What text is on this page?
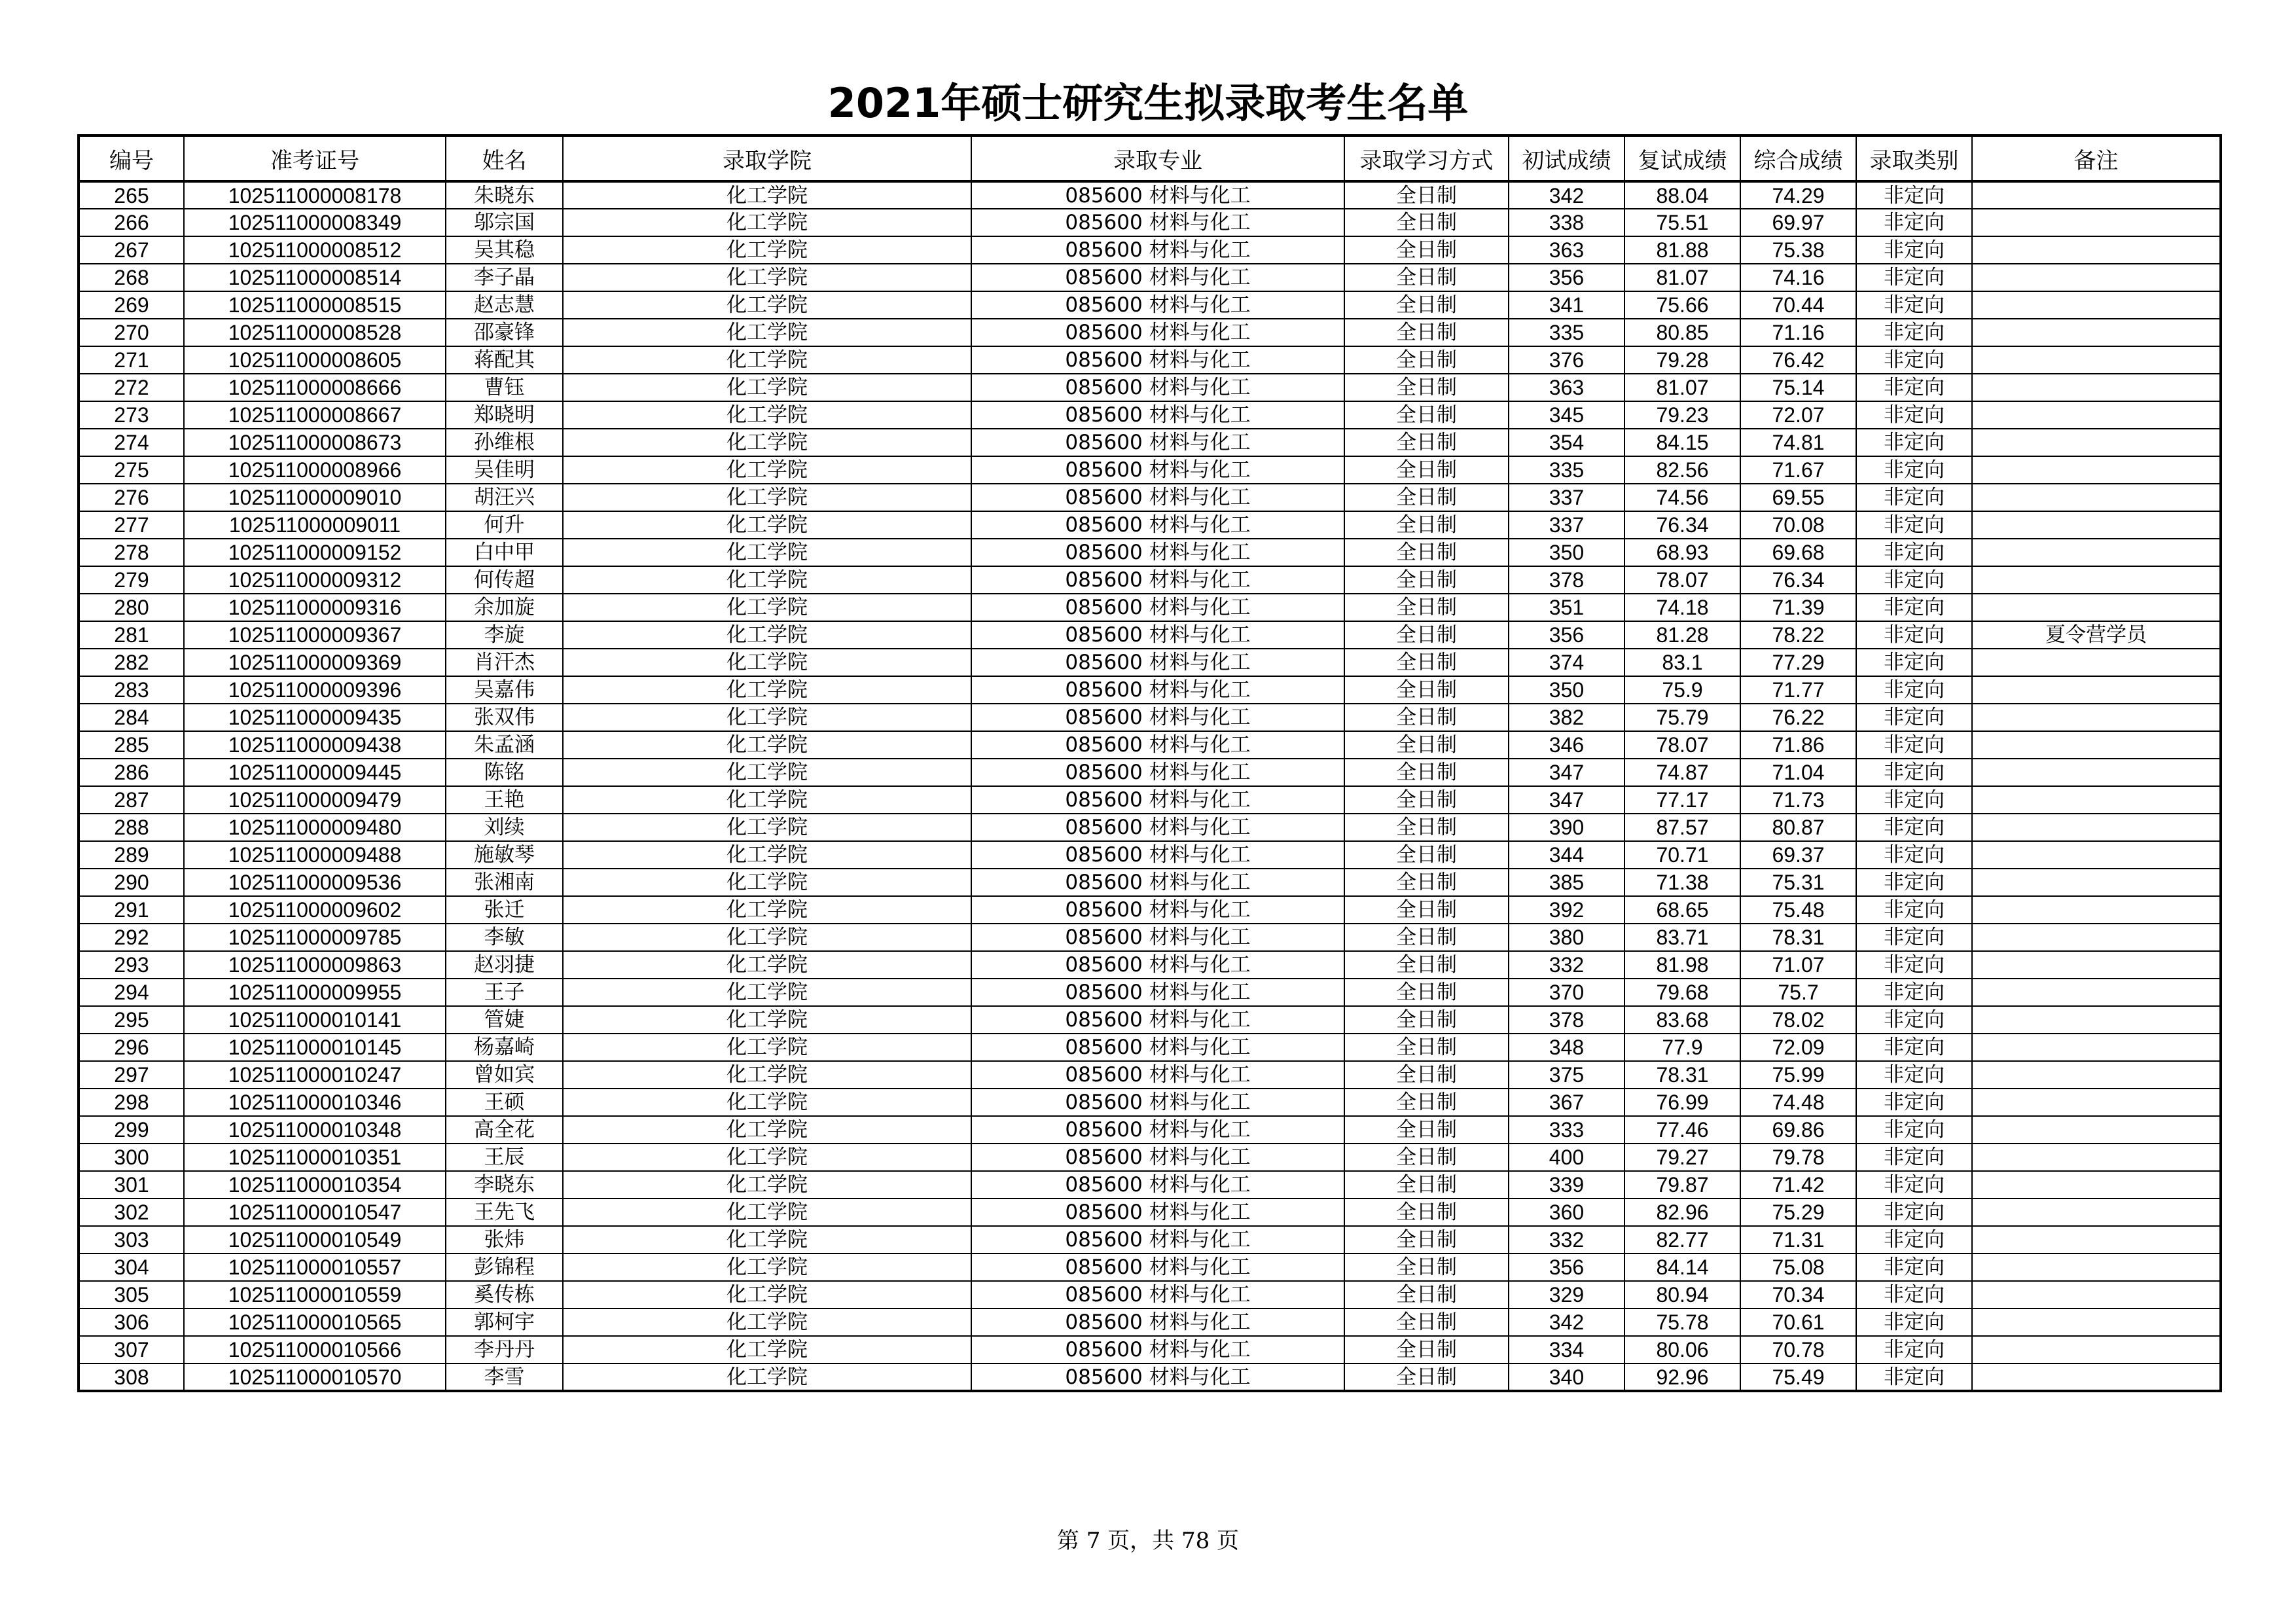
2021年硕士研究生拟录取考生名单
编号	准考证号	姓名	录取学院	录取专业	录取学习方式	初试成绩	复试成绩	综合成绩	录取类别	备注
265	102511000008178	朱晓东	化工学院	085600 材料与化工	全日制	342	88.04	74.29	非定向	
266	102511000008349	邬宗国	化工学院	085600 材料与化工	全日制	338	75.51	69.97	非定向	
267	102511000008512	吴其稳	化工学院	085600 材料与化工	全日制	363	81.88	75.38	非定向	
268	102511000008514	李子晶	化工学院	085600 材料与化工	全日制	356	81.07	74.16	非定向	
269	102511000008515	赵志慧	化工学院	085600 材料与化工	全日制	341	75.66	70.44	非定向	
270	102511000008528	邵豪锋	化工学院	085600 材料与化工	全日制	335	80.85	71.16	非定向	
271	102511000008605	蒋配其	化工学院	085600 材料与化工	全日制	376	79.28	76.42	非定向	
272	102511000008666	曹钰	化工学院	085600 材料与化工	全日制	363	81.07	75.14	非定向	
273	102511000008667	郑晓明	化工学院	085600 材料与化工	全日制	345	79.23	72.07	非定向	
274	102511000008673	孙维根	化工学院	085600 材料与化工	全日制	354	84.15	74.81	非定向	
275	102511000008966	吴佳明	化工学院	085600 材料与化工	全日制	335	82.56	71.67	非定向	
276	102511000009010	胡汪兴	化工学院	085600 材料与化工	全日制	337	74.56	69.55	非定向	
277	102511000009011	何升	化工学院	085600 材料与化工	全日制	337	76.34	70.08	非定向	
278	102511000009152	白中甲	化工学院	085600 材料与化工	全日制	350	68.93	69.68	非定向	
279	102511000009312	何传超	化工学院	085600 材料与化工	全日制	378	78.07	76.34	非定向	
280	102511000009316	余加旋	化工学院	085600 材料与化工	全日制	351	74.18	71.39	非定向	
281	102511000009367	李旋	化工学院	085600 材料与化工	全日制	356	81.28	78.22	非定向	夏令营学员
282	102511000009369	肖汗杰	化工学院	085600 材料与化工	全日制	374	83.1	77.29	非定向	
283	102511000009396	吴嘉伟	化工学院	085600 材料与化工	全日制	350	75.9	71.77	非定向	
284	102511000009435	张双伟	化工学院	085600 材料与化工	全日制	382	75.79	76.22	非定向	
285	102511000009438	朱孟涵	化工学院	085600 材料与化工	全日制	346	78.07	71.86	非定向	
286	102511000009445	陈铭	化工学院	085600 材料与化工	全日制	347	74.87	71.04	非定向	
287	102511000009479	王艳	化工学院	085600 材料与化工	全日制	347	77.17	71.73	非定向	
288	102511000009480	刘续	化工学院	085600 材料与化工	全日制	390	87.57	80.87	非定向	
289	102511000009488	施敏琴	化工学院	085600 材料与化工	全日制	344	70.71	69.37	非定向	
290	102511000009536	张湘南	化工学院	085600 材料与化工	全日制	385	71.38	75.31	非定向	
291	102511000009602	张迁	化工学院	085600 材料与化工	全日制	392	68.65	75.48	非定向	
292	102511000009785	李敏	化工学院	085600 材料与化工	全日制	380	83.71	78.31	非定向	
293	102511000009863	赵羽捷	化工学院	085600 材料与化工	全日制	332	81.98	71.07	非定向	
294	102511000009955	王子	化工学院	085600 材料与化工	全日制	370	79.68	75.7	非定向	
295	102511000010141	管婕	化工学院	085600 材料与化工	全日制	378	83.68	78.02	非定向	
296	102511000010145	杨嘉崎	化工学院	085600 材料与化工	全日制	348	77.9	72.09	非定向	
297	102511000010247	曾如宾	化工学院	085600 材料与化工	全日制	375	78.31	75.99	非定向	
298	102511000010346	王硕	化工学院	085600 材料与化工	全日制	367	76.99	74.48	非定向	
299	102511000010348	高全花	化工学院	085600 材料与化工	全日制	333	77.46	69.86	非定向	
300	102511000010351	王辰	化工学院	085600 材料与化工	全日制	400	79.27	79.78	非定向	
301	102511000010354	李晓东	化工学院	085600 材料与化工	全日制	339	79.87	71.42	非定向	
302	102511000010547	王先飞	化工学院	085600 材料与化工	全日制	360	82.96	75.29	非定向	
303	102511000010549	张炜	化工学院	085600 材料与化工	全日制	332	82.77	71.31	非定向	
304	102511000010557	彭锦程	化工学院	085600 材料与化工	全日制	356	84.14	75.08	非定向	
305	102511000010559	奚传栋	化工学院	085600 材料与化工	全日制	329	80.94	70.34	非定向	
306	102511000010565	郭柯宇	化工学院	085600 材料与化工	全日制	342	75.78	70.61	非定向	
307	102511000010566	李丹丹	化工学院	085600 材料与化工	全日制	334	80.06	70.78	非定向	
308	102511000010570	李雪	化工学院	085600 材料与化工	全日制	340	92.96	75.49	非定向	
第 7 页，共 78 页
